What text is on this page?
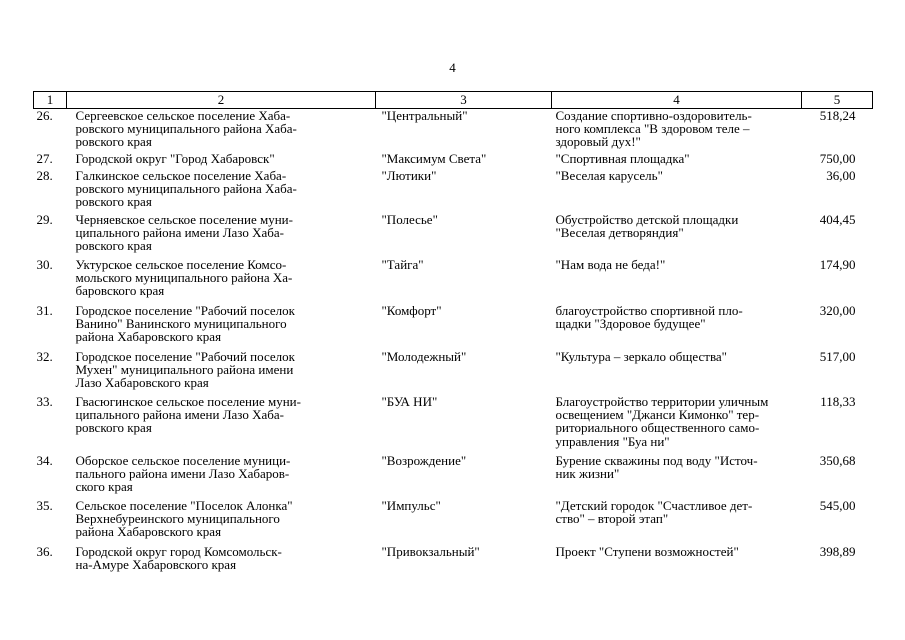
4
1	2	3	4	5
26.	Сергеевское сельское поселение Хаба-
ровского муниципального района Хаба-
ровского края	"Центральный"	Создание спортивно-оздоровитель-
ного комплекса "В здоровом теле –
здоровый дух!"	518,24
27.	Городской округ "Город Хабаровск"	"Максимум Света"	"Спортивная площадка"	750,00
28.	Галкинское сельское поселение Хаба-
ровского муниципального района Хаба-
ровского края	"Лютики"	"Веселая карусель"	36,00
29.	Черняевское сельское поселение муни-
ципального района имени Лазо Хаба-
ровского края	"Полесье"	Обустройство детской площадки
"Веселая детворяндия"	404,45
30.	Уктурское сельское поселение Комсо-
мольского муниципального района Ха-
баровского края	"Тайга"	"Нам вода не беда!"	174,90
31.	Городское поселение "Рабочий поселок
Ванино" Ванинского муниципального
района Хабаровского края	"Комфорт"	благоустройство спортивной пло-
щадки "Здоровое будущее"	320,00
32.	Городское поселение "Рабочий поселок
Мухен" муниципального района имени
Лазо Хабаровского края	"Молодежный"	"Культура – зеркало общества"	517,00
33.	Гвасюгинское сельское поселение муни-
ципального района имени Лазо Хаба-
ровского края	"БУА НИ"	Благоустройство территории уличным
освещением "Джанси Кимонко" тер-
риториального общественного само-
управления "Буа ни"	118,33
34.	Оборское сельское поселение муници-
пального района имени Лазо Хабаров-
ского края	"Возрождение"	Бурение скважины под воду "Источ-
ник жизни"	350,68
35.	Сельское поселение "Поселок Алонка"
Верхнебуреинского муниципального
района Хабаровского края	"Импульс"	"Детский городок "Счастливое дет-
ство" – второй этап"	545,00
36.	Городской округ город Комсомольск-
на-Амуре Хабаровского края	"Привокзальный"	Проект "Ступени возможностей"	398,89
